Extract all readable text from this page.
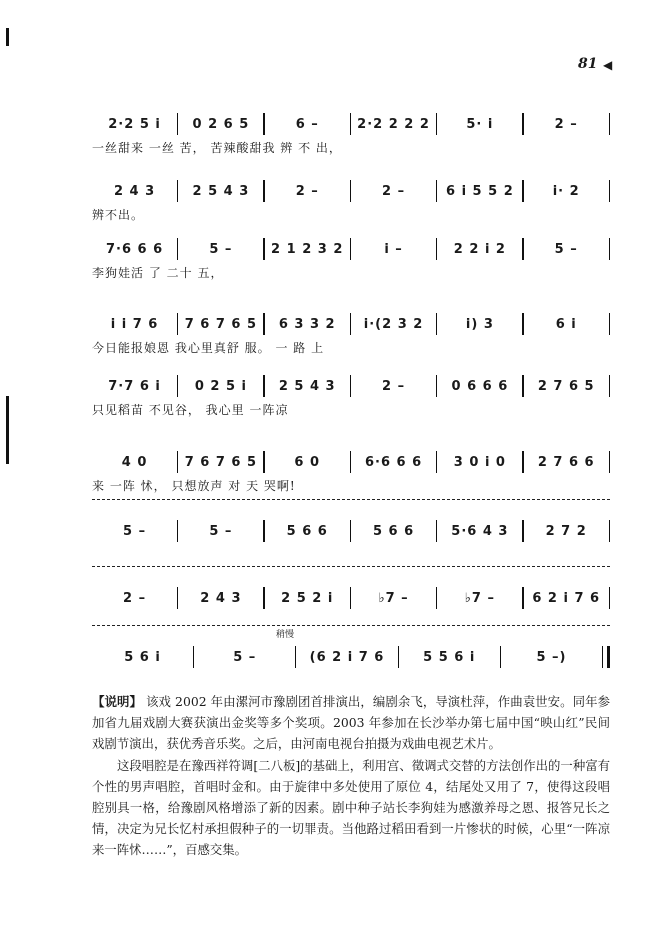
81 ◀
2·2 5 i	0 2 6 5	6 –	2·2 2 2 2	5· i	2 –
一丝甜来 一丝 苦， 苦辣酸甜我 辨 不 出，
2 4 3	2 5 4 3	2 –	2 –	6 i 5 5 2	i· 2
辨不出。
7·6 6 6	5 –	2 1 2 3 2	i –	2 2 i 2	5 –
李狗娃活 了 二十 五，
i i 7 6	7 6 7 6 5	6 3 3 2	i·(2 3 2	i) 3	6 i
今日能报娘恩 我心里真舒 服。 一 路 上
7·7 6 i	0 2 5 i	2 5 4 3	2 –	0 6 6 6	2 7 6 5
只见稻苗 不见谷， 我心里 一阵凉
4 0	7 6 7 6 5	6 0	6·6 6 6	3 0 i 0	2 7 6 6
来 一阵 怵， 只想放声 对 天 哭啊!
5 –	5 –	5 6 6	5 6 6	5·6 4 3	2 7 2
2 –	2 4 3	2 5 2 i	♭7 –	♭7 –	6 2 i 7 6
5 6 i	5 –	(6 2 i 7 6	5 5 6 i	5 –)
稍慢
【说明】 该戏 2002 年由漯河市豫剧团首排演出，编剧余飞，导演杜萍，作曲袁世安。同年参加省九届戏剧大赛获演出金奖等多个奖项。2003 年参加在长沙举办第七届中国“映山红”民间戏剧节演出，获优秀音乐奖。之后，由河南电视台拍摄为戏曲电视艺术片。
这段唱腔是在豫西祥符调[二八板]的基础上，利用宫、徵调式交替的方法创作出的一种富有个性的男声唱腔，首唱时金和。由于旋律中多处使用了原位 4，结尾处又用了 7，使得这段唱腔别具一格，给豫剧风格增添了新的因素。剧中种子站长李狗娃为感激养母之恩、报答兄长之情，决定为兄长忆村承担假种子的一切罪责。当他路过稻田看到一片惨状的时候，心里“一阵凉来一阵怵……”，百感交集。
